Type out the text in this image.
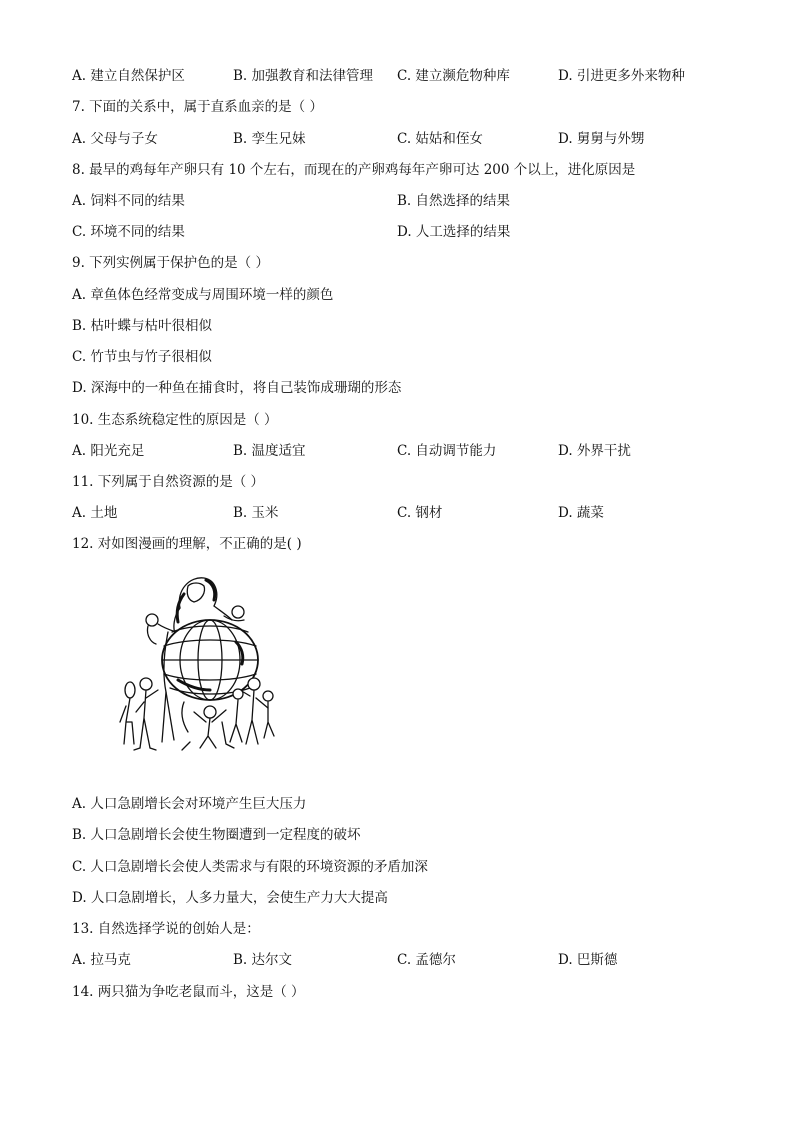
A. 建立自然保护区	B. 加强教育和法律管理 C. 建立濒危物种库	D. 引进更多外来物种
7. 下面的关系中，属于直系血亲的是（ ）
A. 父母与子女	B. 孪生兄妹	C. 姑姑和侄女	D. 舅舅与外甥
8. 最早的鸡每年产卵只有 10 个左右，而现在的产卵鸡每年产卵可达 200 个以上，进化原因是
A. 饲料不同的结果	B. 自然选择的结果
C. 环境不同的结果	D. 人工选择的结果
9. 下列实例属于保护色的是（ ）
A. 章鱼体色经常变成与周围环境一样的颜色
B. 枯叶蝶与枯叶很相似
C. 竹节虫与竹子很相似
D. 深海中的一种鱼在捕食时，将自己装饰成珊瑚的形态
10. 生态系统稳定性的原因是（ ）
A. 阳光充足	B. 温度适宜	C. 自动调节能力	D. 外界干扰
11. 下列属于自然资源的是（ ）
A. 土地	B. 玉米	C. 钢材	D. 蔬菜
12. 对如图漫画的理解，不正确的是( )
A. 人口急剧增长会对环境产生巨大压力
B. 人口急剧增长会使生物圈遭到一定程度的破坏
C. 人口急剧增长会使人类需求与有限的环境资源的矛盾加深
D. 人口急剧增长，人多力量大，会使生产力大大提高
13. 自然选择学说的创始人是：
A. 拉马克	B. 达尔文	C. 孟德尔	D. 巴斯德
14. 两只猫为争吃老鼠而斗，这是（ ）
